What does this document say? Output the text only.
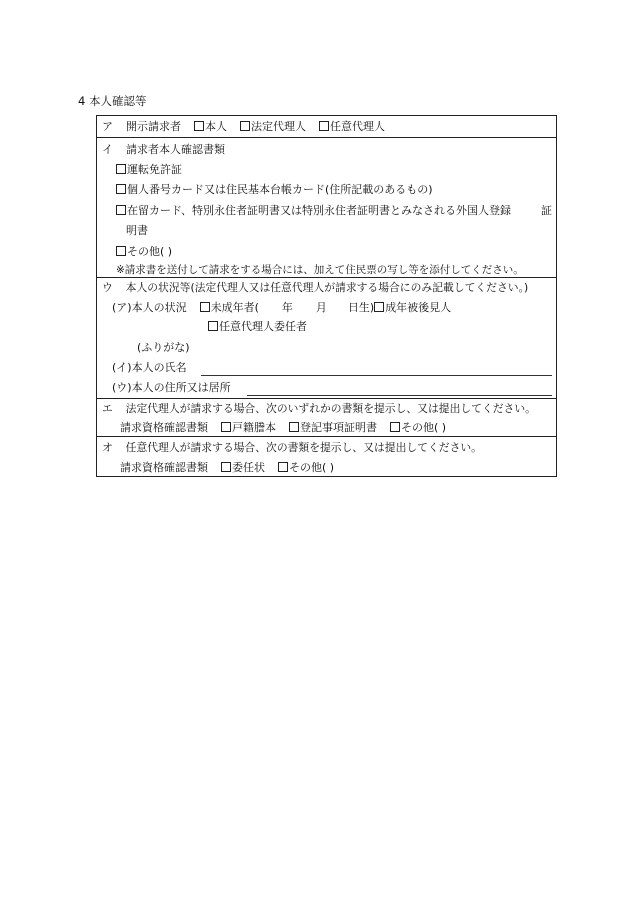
4 本人確認等
ア 開示請求者 本人 法定代理人 任意代理人
イ 請求者本人確認書類
運転免許証
個人番号カード又は住民基本台帳カード(住所記載のあるもの)
在留カード、特別永住者証明書又は特別永住者証明書とみなされる外国人登録	証
明書
その他( )
※請求書を送付して請求をする場合には、加えて住民票の写し等を添付してください。
ウ 本人の状況等(法定代理人又は任意代理人が請求する場合にのみ記載してください。)
(ア)本人の状況 未成年者( 年 月 日生) 成年被後見人
任意代理人委任者
(ふりがな)
(イ)本人の氏名
(ウ)本人の住所又は居所
エ 法定代理人が請求する場合、次のいずれかの書類を提示し、又は提出してください。
請求資格確認書類 戸籍謄本 登記事項証明書 その他( )
オ 任意代理人が請求する場合、次の書類を提示し、又は提出してください。
請求資格確認書類 委任状 その他( )
